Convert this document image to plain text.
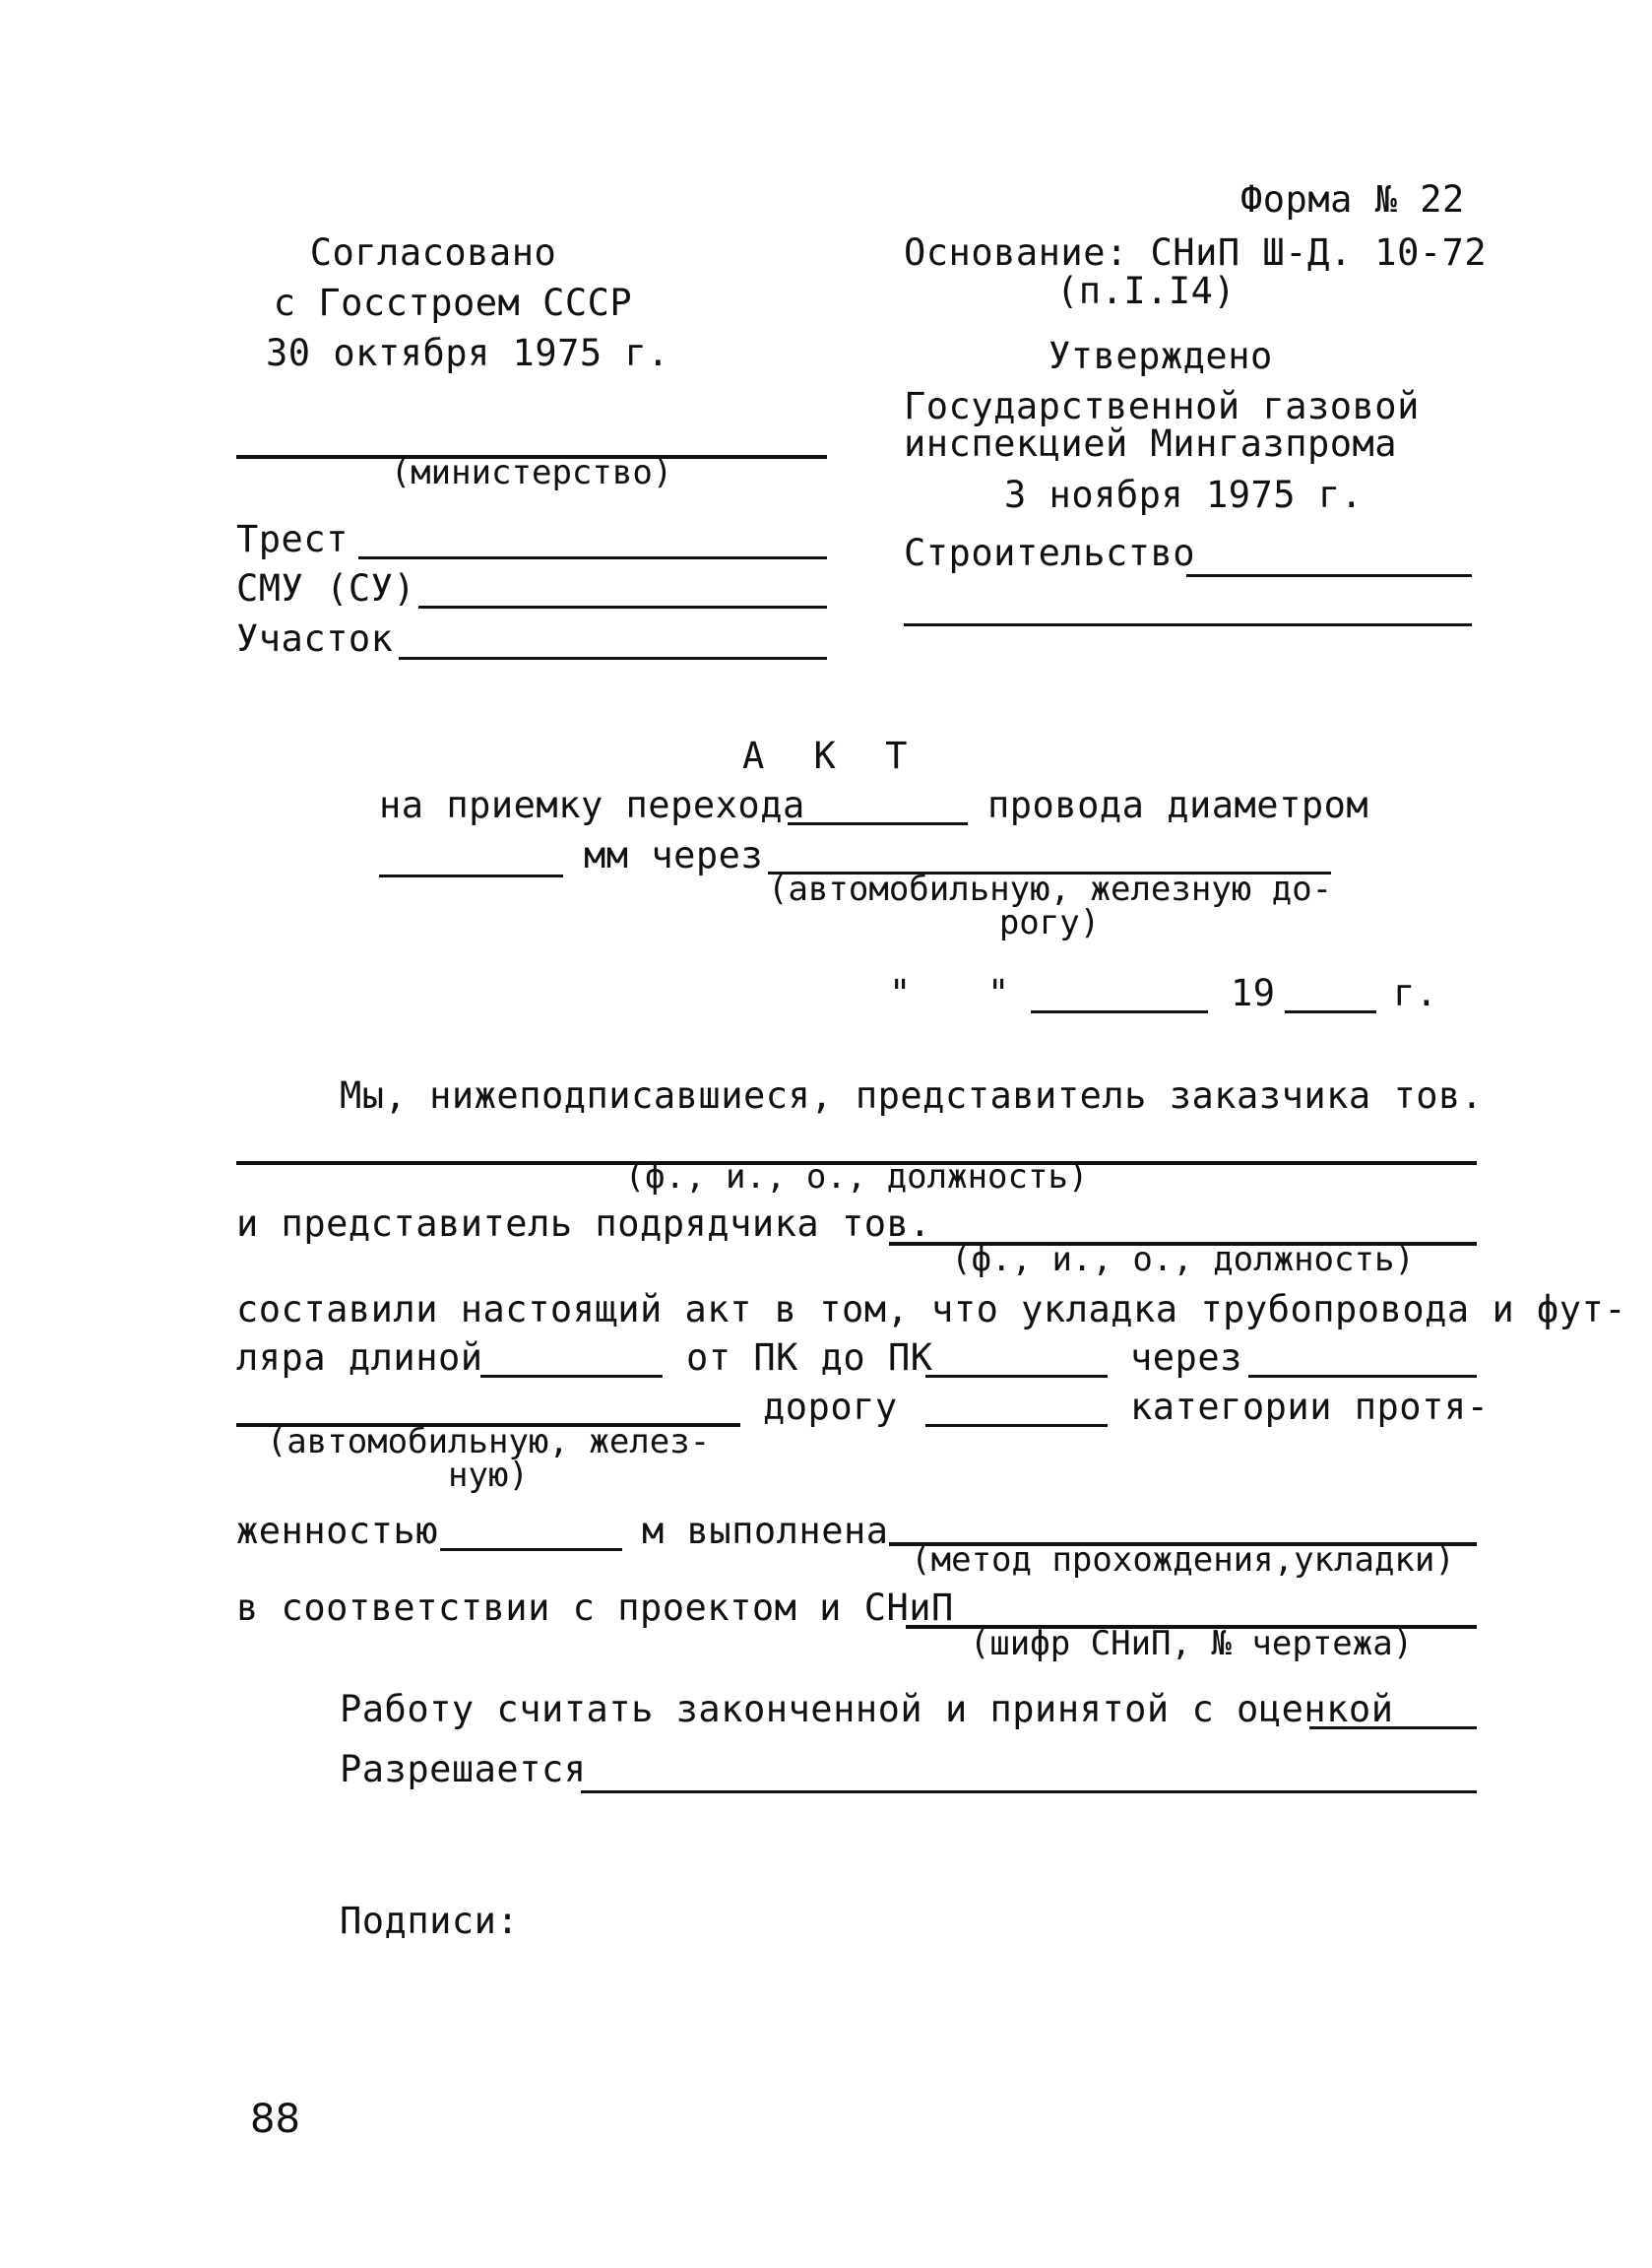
Форма № 22
Согласовано
с Госстроем СССР
30 октября 1975 г.
Основание: СНиП Ш-Д. 10-72
(п.I.I4)
Утверждено
Государственной газовой
инспекцией Мингазпрома
3 ноября 1975 г.
(министерство)
Трест
СМУ (СУ)
Участок
Строительство
А К Т
на приемку перехода	провода диаметром
мм через
(автомобильную, железную до-
рогу)
" "	19	г.
Мы, нижеподписавшиеся, представитель заказчика тов.
(ф., и., о., должность)
и представитель подрядчика тов.
(ф., и., о., должность)
составили настоящий акт в том, что укладка трубопровода и фут-
ляра длиной	от ПК до ПК	через
(автомобильную, желез-
ную)
дорогу	категории протя-
женностью	м выполнена
(метод прохождения,укладки)
в соответствии с проектом и СНиП
(шифр СНиП, № чертежа)
Работу считать законченной и принятой с оценкой
Разрешается
Подписи:
88
